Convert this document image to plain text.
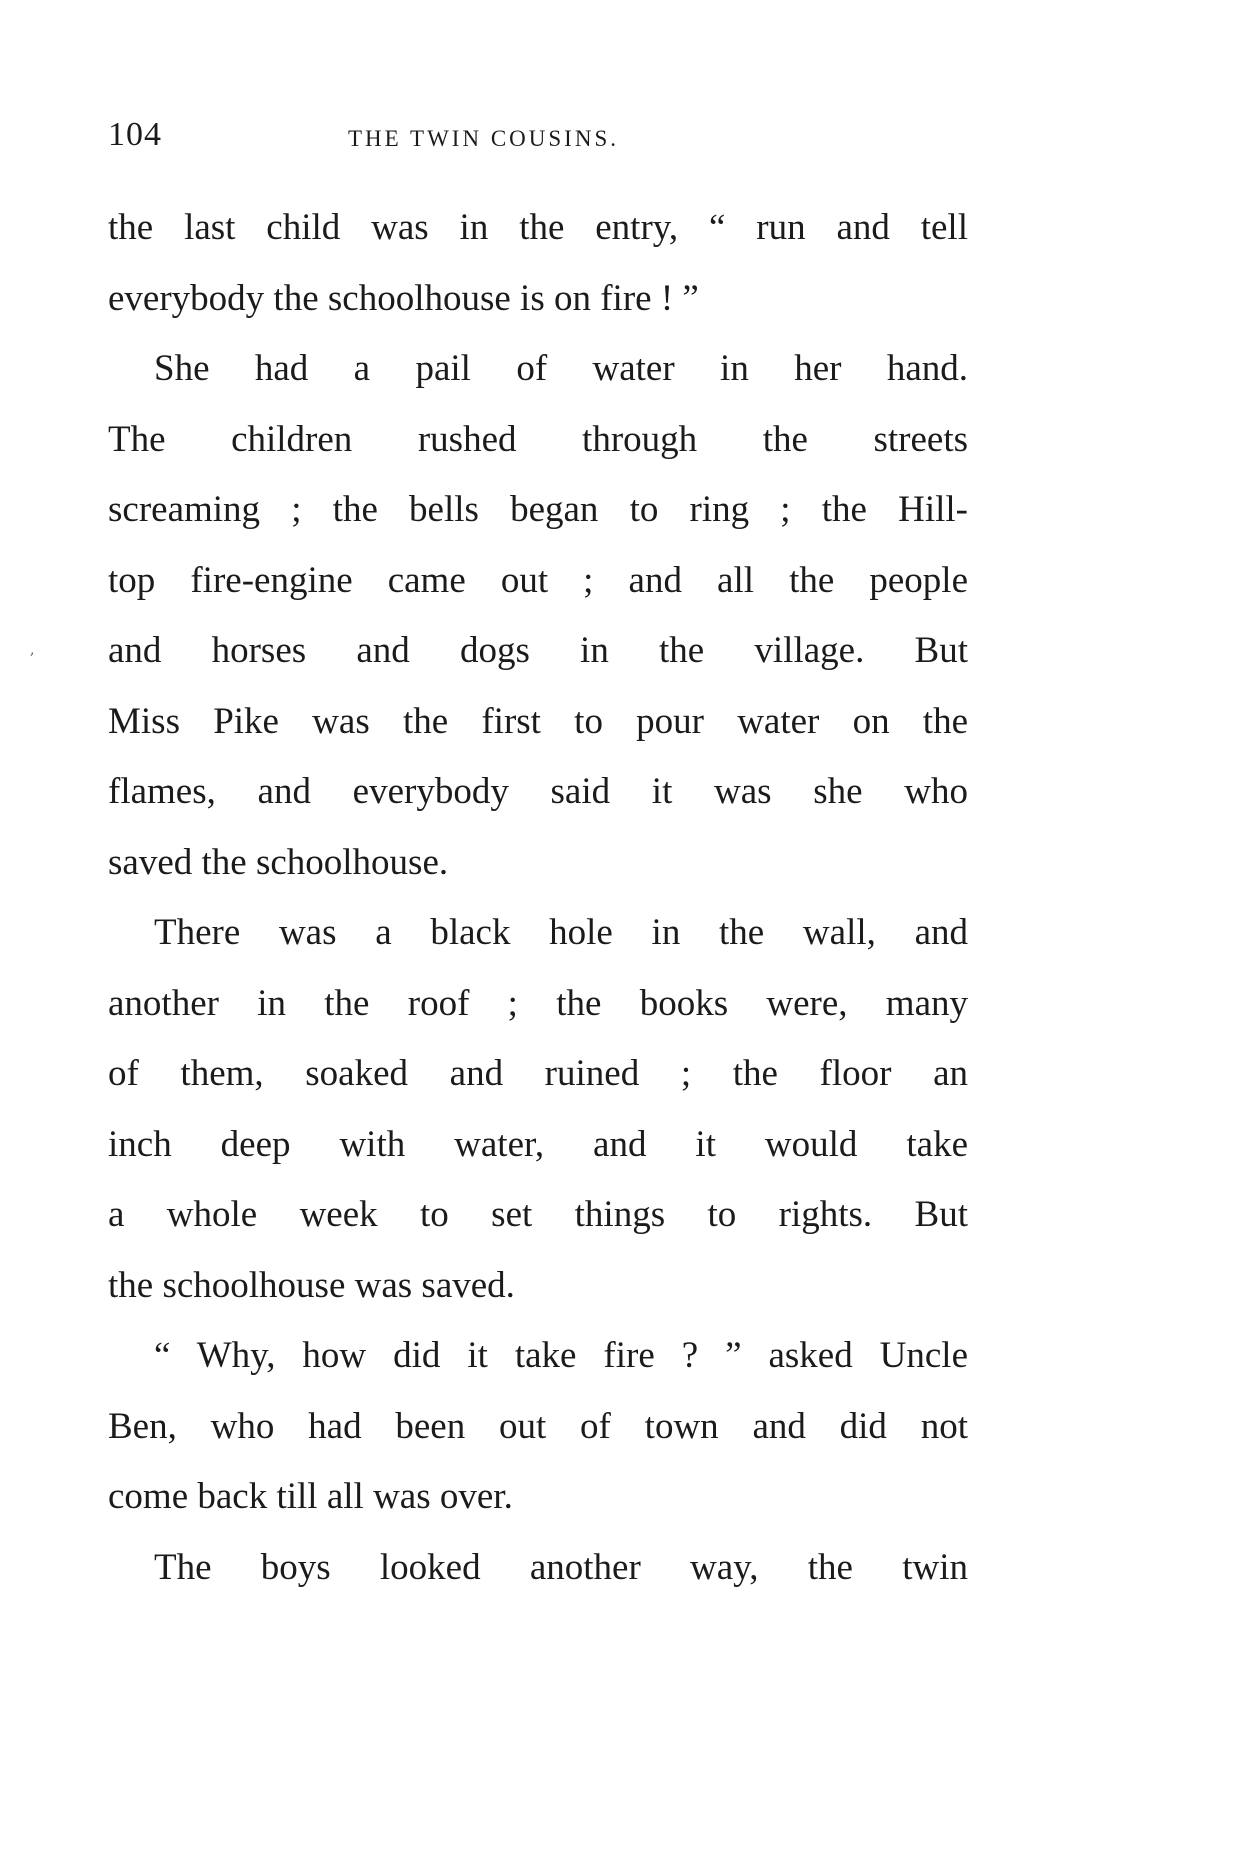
104	THE TWIN COUSINS.
the last child was in the entry, “ run and tell
everybody the schoolhouse is on fire ! ”
She had a pail of water in her hand.
The children rushed through the streets
screaming ; the bells began to ring ; the Hill-
top fire-engine came out ; and all the people
and horses and dogs in the village. But
Miss Pike was the first to pour water on the
flames, and everybody said it was she who
saved the schoolhouse.
There was a black hole in the wall, and
another in the roof ; the books were, many
of them, soaked and ruined ; the floor an
inch deep with water, and it would take
a whole week to set things to rights. But
the schoolhouse was saved.
“ Why, how did it take fire ? ” asked Uncle
Ben, who had been out of town and did not
come back till all was over.
The boys looked another way, the twin
,
